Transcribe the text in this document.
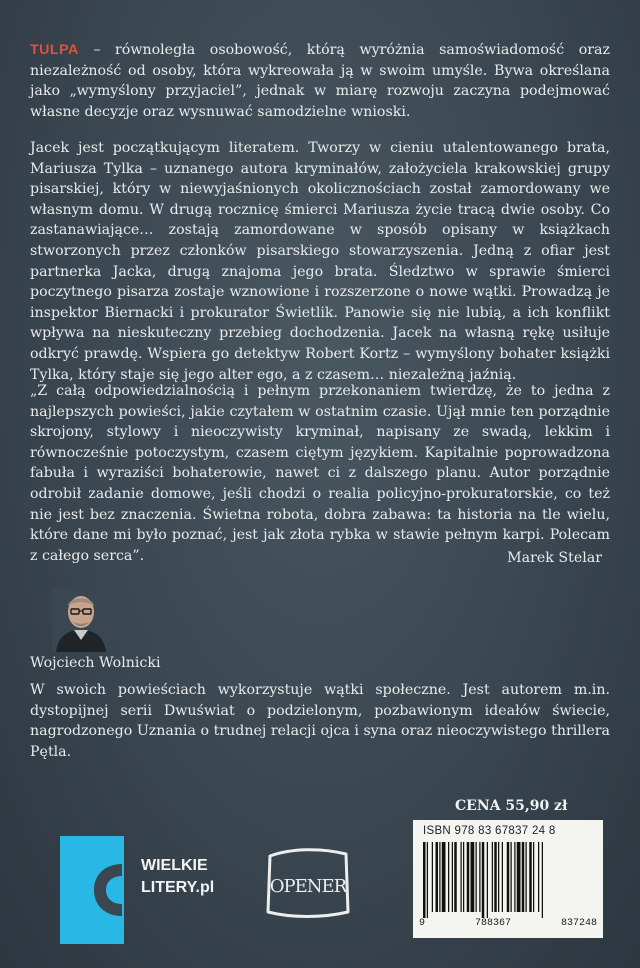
TULPA – równoległa osobowość, którą wyróżnia samoświadomość oraz niezależność od osoby, która wykreowała ją w swoim umyśle. Bywa określana jako „wymyślony przyjaciel”, jednak w miarę rozwoju zaczyna podejmować własne decyzje oraz wysnuwać samodzielne wnioski.

Jacek jest początkującym literatem. Tworzy w cieniu utalentowanego brata, Mariusza Tylka – uznanego autora kryminałów, założyciela krakowskiej grupy pisarskiej, który w niewyjaśnionych okolicznościach został zamordowany we własnym domu. W drugą rocznicę śmierci Mariusza życie tracą dwie osoby. Co zastanawiające… zostają zamordowane w sposób opisany w książkach stworzonych przez członków pisarskiego stowarzyszenia. Jedną z ofiar jest partnerka Jacka, drugą znajoma jego brata. Śledztwo w sprawie śmierci poczytnego pisarza zostaje wznowione i rozszerzone o nowe wątki. Prowadzą je inspektor Biernacki i prokurator Świetlik. Panowie się nie lubią, a ich konflikt wpływa na nieskuteczny przebieg dochodzenia. Jacek na własną rękę usiłuje odkryć prawdę. Wspiera go detektyw Robert Kortz – wymyślony bohater książki Tylka, który staje się jego alter ego, a z czasem… niezależną jaźnią.

„Z całą odpowiedzialnością i pełnym przekonaniem twierdzę, że to jedna z najlepszych powieści, jakie czytałem w ostatnim czasie. Ujął mnie ten porządnie skrojony, stylowy i nieoczywisty kryminał, napisany ze swadą, lekkim i równocześnie potoczystym, czasem ciętym językiem. Kapitalnie poprowadzona fabuła i wyraziści bohaterowie, nawet ci z dalszego planu. Autor porządnie odrobił zadanie domowe, jeśli chodzi o realia policyjno-prokuratorskie, co też nie jest bez znaczenia. Świetna robota, dobra zabawa: ta historia na tle wielu, które dane mi było poznać, jest jak złota rybka w stawie pełnym karpi. Polecam z całego serca”.	Marek Stelar
Wojciech Wolnicki

W swoich powieściach wykorzystuje wątki społeczne. Jest autorem m.in. dystopijnej serii Dwuświat o podzielonym, pozbawionym ideałów świecie, nagrodzonego Uznania o trudnej relacji ojca i syna oraz nieoczywistego thrillera Pętla.

CENA 55,90 zł
ISBN 978 83 67837 24 8
9	788367	837248
WIELKIE
LITERY.pl	OPENER
